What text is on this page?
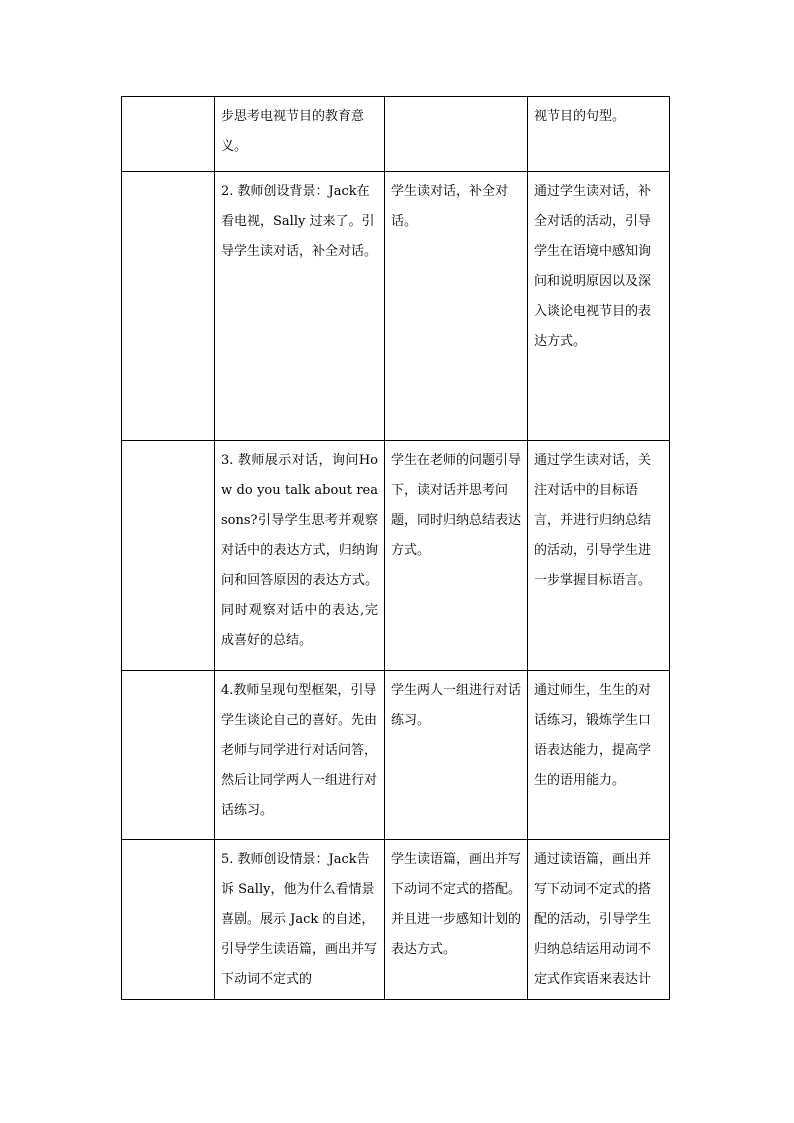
	步思考电视节目的教育意义。		视节目的句型。
	2. 教师创设背景：Jack在看电视，Sally 过来了。引导学生读对话，补全对话。	学生读对话，补全对话。	通过学生读对话，补全对话的活动，引导学生在语境中感知询问和说明原因以及深入谈论电视节目的表达方式。
	3. 教师展示对话，询问How do you talk about reasons?引导学生思考并观察对话中的表达方式，归纳询问和回答原因的表达方式。同时观察对话中的表达,完成喜好的总结。	学生在老师的问题引导下，读对话并思考问题，同时归纳总结表达方式。	通过学生读对话，关注对话中的目标语言，并进行归纳总结的活动，引导学生进一步掌握目标语言。
	4.教师呈现句型框架，引导学生谈论自己的喜好。先由老师与同学进行对话问答，然后让同学两人一组进行对话练习。	学生两人一组进行对话练习。	通过师生，生生的对话练习，锻炼学生口语表达能力，提高学生的语用能力。
	5. 教师创设情景：Jack告诉 Sally，他为什么看情景喜剧。展示 Jack 的自述，引导学生读语篇，画出并写下动词不定式的	学生读语篇，画出并写下动词不定式的搭配。并且进一步感知计划的表达方式。	通过读语篇，画出并写下动词不定式的搭配的活动，引导学生归纳总结运用动词不定式作宾语来表达计
